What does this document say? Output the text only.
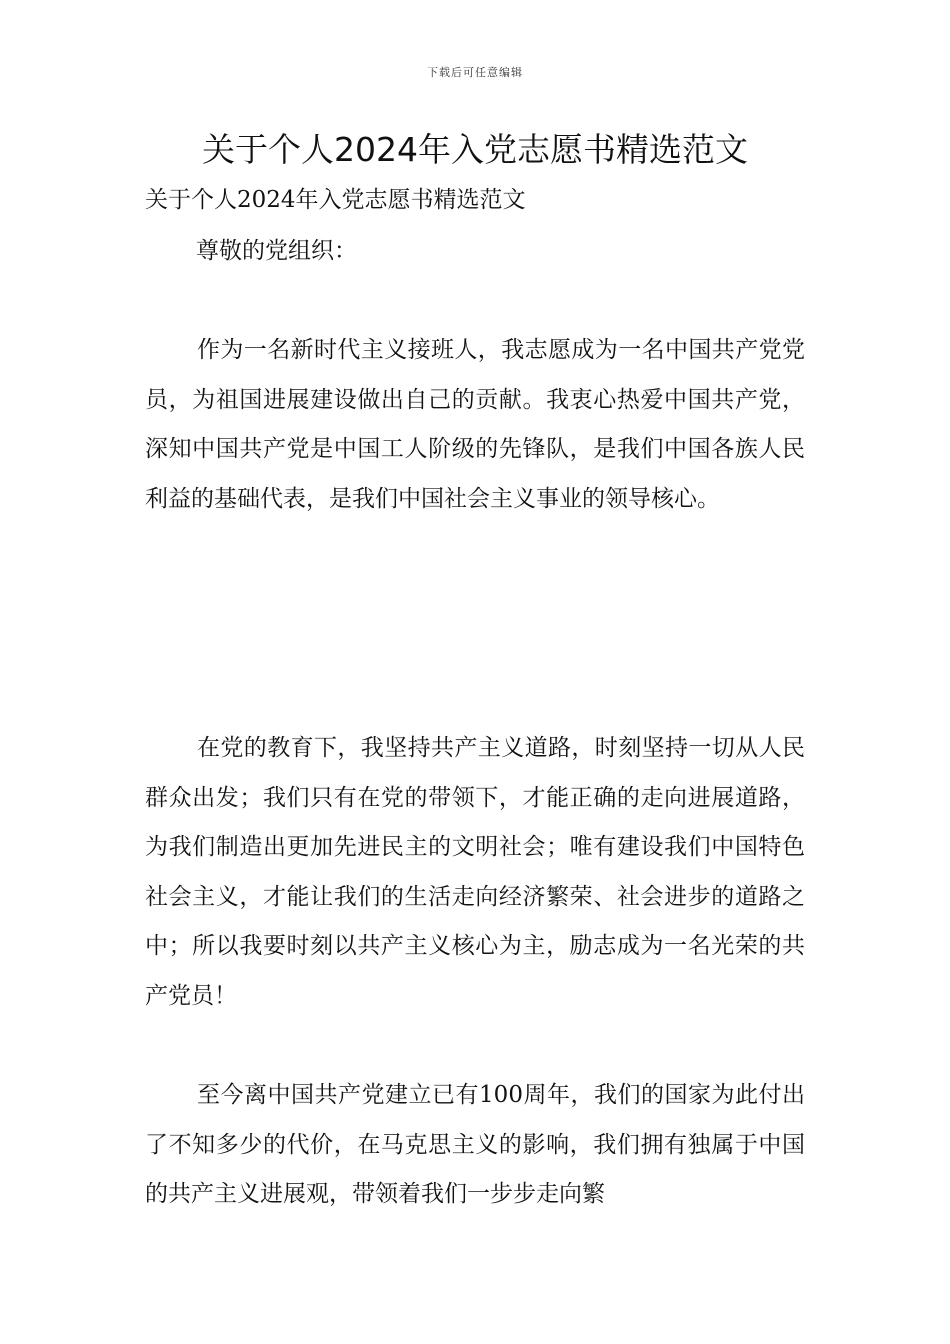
下载后可任意编辑
关于个人2024年入党志愿书精选范文
关于个人2024年入党志愿书精选范文
尊敬的党组织：

作为一名新时代主义接班人，我志愿成为一名中国共产党党员，为祖国进展建设做出自己的贡献。我衷心热爱中国共产党，深知中国共产党是中国工人阶级的先锋队，是我们中国各族人民利益的基础代表，是我们中国社会主义事业的领导核心。

在党的教育下，我坚持共产主义道路，时刻坚持一切从人民群众出发；我们只有在党的带领下，才能正确的走向进展道路，为我们制造出更加先进民主的文明社会；唯有建设我们中国特色社会主义，才能让我们的生活走向经济繁荣、社会进步的道路之中；所以我要时刻以共产主义核心为主，励志成为一名光荣的共产党员！

至今离中国共产党建立已有100周年，我们的国家为此付出了不知多少的代价，在马克思主义的影响，我们拥有独属于中国的共产主义进展观，带领着我们一步步走向繁
